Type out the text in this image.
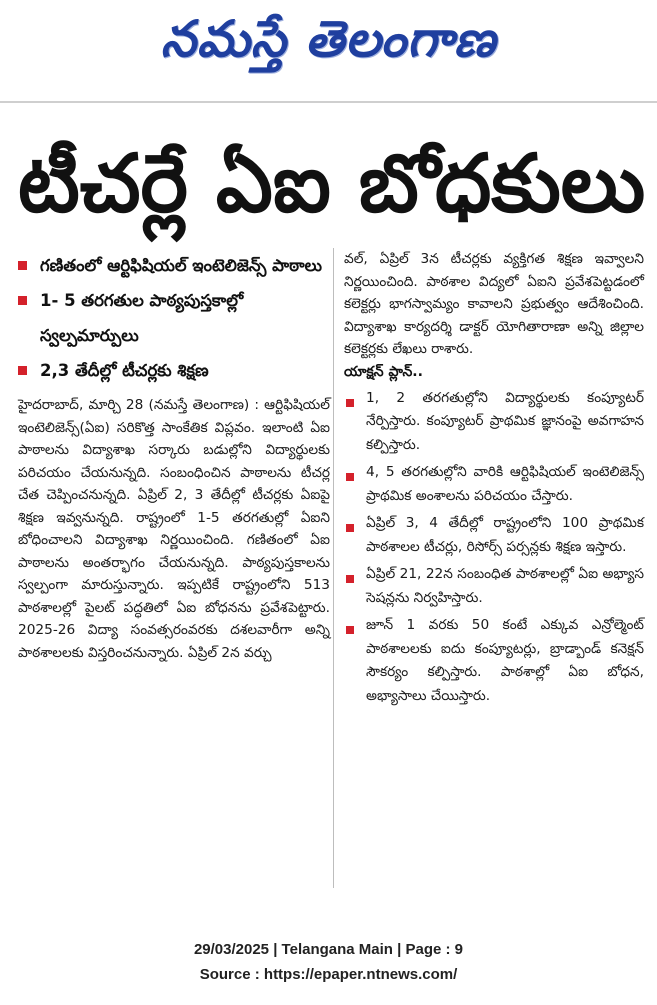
నమస్తే తెలంగాణ
టీచర్లే ఏఐ బోధకులు
గణితంలో ఆర్టిఫిషియల్ ఇంటెలిజెన్స్ పాఠాలు
1- 5 తరగతుల పాఠ్యపుస్తకాల్లో స్వల్పమార్పులు
2,3 తేదీల్లో టీచర్లకు శిక్షణ
హైదరాబాద్, మార్చి 28 (నమస్తే తెలంగాణ) : ఆర్టిఫిషియల్ ఇంటెలిజెన్స్(ఏఐ) సరికొత్త సాంకేతిక విప్లవం. ఇలాంటి ఏఐ పాఠాలను విద్యాశాఖ సర్కారు బడుల్లోని విద్యార్థులకు పరిచయం చేయనున్నది. సంబంధించిన పాఠాలను టీచర్ల చేత చెప్పించనున్నది. ఏప్రిల్ 2, 3 తేదీల్లో టీచర్లకు ఏఐపై శిక్షణ ఇవ్వనున్నది. రాష్ట్రంలో 1-5 తరగతుల్లో ఏఐని బోధించాలని విద్యాశాఖ నిర్ణయించింది. గణితంలో ఏఐ పాఠాలను అంతర్భాగం చేయనున్నది. పాఠ్యపుస్తకాలను స్వల్పంగా మారుస్తున్నారు. ఇప్పటికే రాష్ట్రంలోని 513 పాఠశాలల్లో పైలట్ పద్ధతిలో ఏఐ బోధనను ప్రవేశపెట్టారు. 2025-26 విద్యా సంవత్సరంవరకు దశలవారీగా అన్ని పాఠశాలలకు విస్తరించనున్నారు. ఏప్రిల్ 2న వర్చు
వల్, ఏప్రిల్ 3న టీచర్లకు వ్యక్తిగత శిక్షణ ఇవ్వాలని నిర్ణయించింది. పాఠశాల విద్యలో ఏఐని ప్రవేశపెట్టడంలో కలెక్టర్లు భాగస్వామ్యం కావాలని ప్రభుత్వం ఆదేశించింది. విద్యాశాఖ కార్యదర్శి డాక్టర్ యోగితారాణా అన్ని జిల్లాల కలెక్టర్లకు లేఖలు రాశారు.
యాక్షన్ ప్లాన్..
1, 2 తరగతుల్లోని విద్యార్థులకు కంప్యూటర్ నేర్పిస్తారు. కంప్యూటర్ ప్రాథమిక జ్ఞానంపై అవగాహన కల్పిస్తారు.
4, 5 తరగతుల్లోని వారికి ఆర్టిఫిషియల్ ఇంటెలిజెన్స్ ప్రాథమిక అంశాలను పరిచయం చేస్తారు.
ఏప్రిల్ 3, 4 తేదీల్లో రాష్ట్రంలోని 100 ప్రాథమిక పాఠశాలల టీచర్లు, రిసోర్స్ పర్సన్లకు శిక్షణ ఇస్తారు.
ఏప్రిల్ 21, 22న సంబంధిత పాఠశాలల్లో ఏఐ అభ్యాస సెషన్లను నిర్వహిస్తారు.
జూన్ 1 వరకు 50 కంటే ఎక్కువ ఎన్రోల్మెంట్ పాఠశాలలకు ఐదు కంప్యూటర్లు, బ్రాడ్బాండ్ కనెక్షన్ సౌకర్యం కల్పిస్తారు. పాఠశాల్లో ఏఐ బోధన, అభ్యాసాలు చేయిస్తారు.
29/03/2025 | Telangana Main | Page : 9
Source : https://epaper.ntnews.com/
